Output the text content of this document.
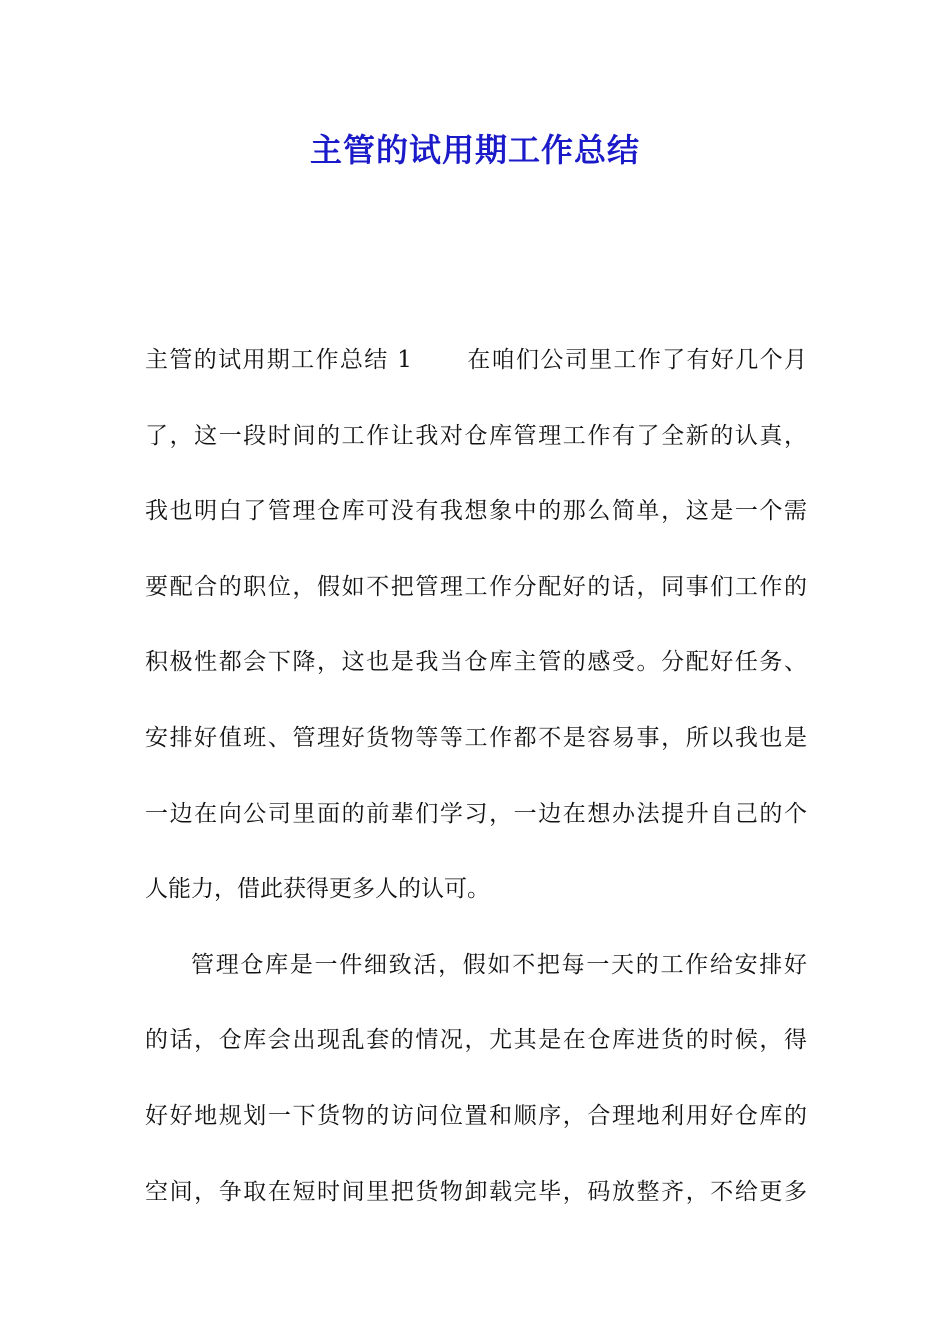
主管的试用期工作总结
主管的试用期工作总结 1 在咱们公司里工作了有好几个月
了，这一段时间的工作让我对仓库管理工作有了全新的认真，
我也明白了管理仓库可没有我想象中的那么简单，这是一个需
要配合的职位，假如不把管理工作分配好的话，同事们工作的
积极性都会下降，这也是我当仓库主管的感受。分配好任务、
安排好值班、管理好货物等等工作都不是容易事，所以我也是
一边在向公司里面的前辈们学习，一边在想办法提升自己的个
人能力，借此获得更多人的认可。
管理仓库是一件细致活，假如不把每一天的工作给安排好
的话，仓库会出现乱套的情况，尤其是在仓库进货的时候，得
好好地规划一下货物的访问位置和顺序，合理地利用好仓库的
空间，争取在短时间里把货物卸载完毕，码放整齐，不给更多
